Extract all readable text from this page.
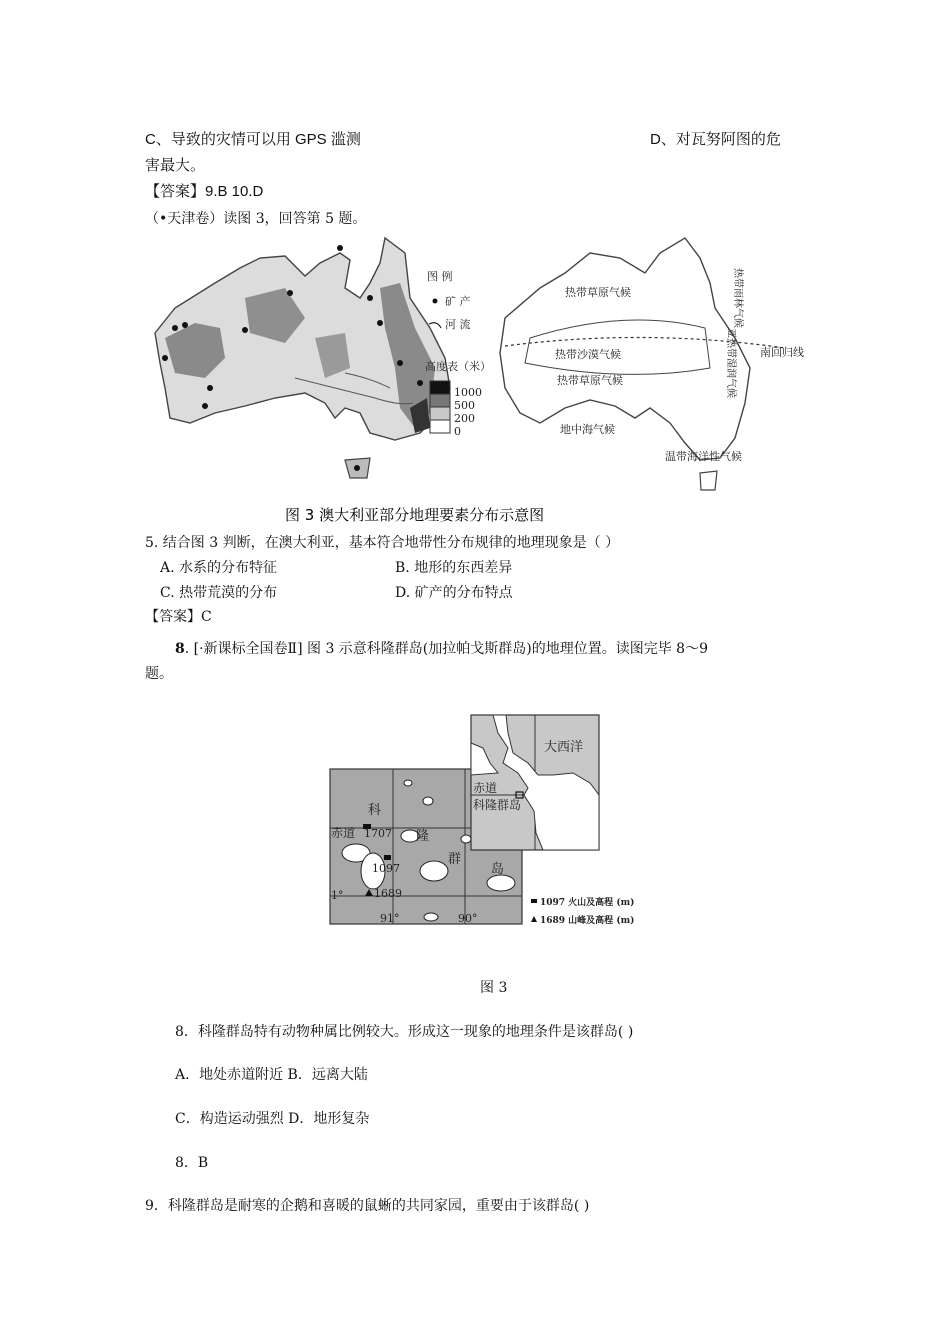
C、导致的灾情可以用 GPS 滥测	D、对瓦努阿图的危
害最大。
【答案】9.B 10.D
（•天津卷）读图 3，回答第 5 题。
图 例
矿 产
河 流
高度表（米）
1000
500
200
0
热带草原气候
热带沙漠气候
热带草原气候
地中海气候
温带海洋性气候
热带雨林气候
亚热带湿润气候 南回归线
图 3 澳大利亚部分地理要素分布示意图
5. 结合图 3 判断，在澳大利亚，基本符合地带性分布规律的地理现象是（ ）
A. 水系的分布特征	B. 地形的东西差异
C. 热带荒漠的分布	D. 矿产的分布特点
【答案】C
8. [·新课标全国卷Ⅱ] 图 3 示意科隆群岛(加拉帕戈斯群岛)的地理位置。读图完毕 8～9
题。
科
隆
群
岛
赤道 1707
1097
1689
1°
91°	90°
大西洋
赤道
科隆群岛
1097 火山及高程 (m)
1689 山峰及高程 (m)
图 3
8．科隆群岛特有动物种属比例较大。形成这一现象的地理条件是该群岛( )
A．地处赤道附近 B．远离大陆
C．构造运动强烈 D．地形复杂
8．B
9．科隆群岛是耐寒的企鹅和喜暖的鼠蜥的共同家园，重要由于该群岛( )
